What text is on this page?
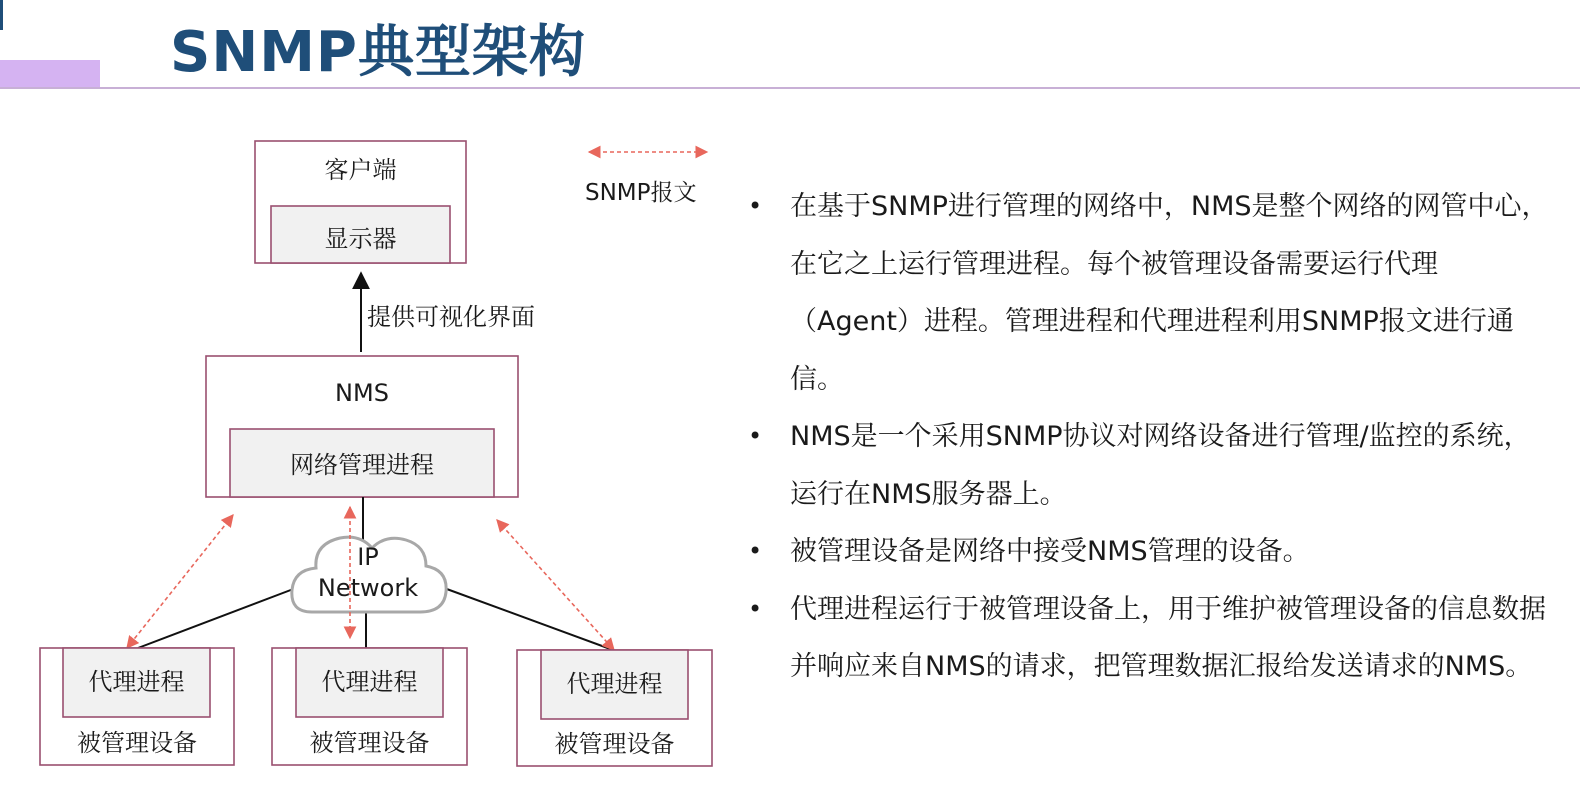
SNMP典型架构
客户端
显示器
提供可视化界面
SNMP报文
NMS
网络管理进程
IP
Network
代理进程
被管理设备
代理进程
被管理设备
代理进程
被管理设备
• 在基于SNMP进行管理的网络中，NMS是整个网络的网管中心，在它之上运行管理进程。每个被管理设备需要运行代理（Agent）进程。管理进程和代理进程利用SNMP报文进行通信。
• NMS是一个采用SNMP协议对网络设备进行管理/监控的系统，运行在NMS服务器上。
• 被管理设备是网络中接受NMS管理的设备。
• 代理进程运行于被管理设备上，用于维护被管理设备的信息数据并响应来自NMS的请求，把管理数据汇报给发送请求的NMS。
